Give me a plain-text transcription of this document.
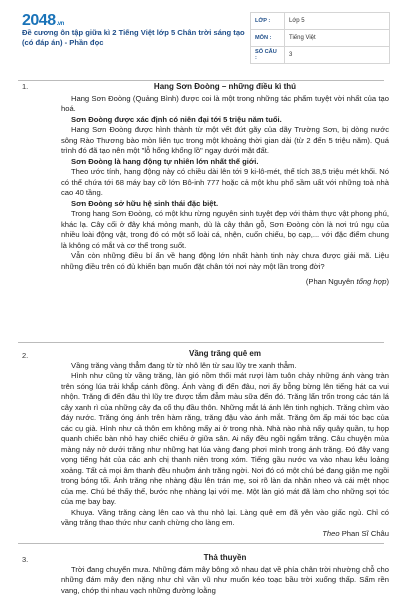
2048.vn
Đề cương ôn tập giữa kì 2 Tiếng Việt lớp 5 Chân trời sáng tạo (có đáp án) - Phần đọc
LỚP :	Lớp 5
MÔN :	Tiếng Việt
SỐ CÂU :	3
1.	Hang Sơn Đoòng – những điều kì thú

Hang Sơn Đoòng (Quảng Bình) được coi là một trong những tác phẩm tuyệt vời nhất của tạo hoá.

Sơn Đoòng được xác định có niên đại tới 5 triệu năm tuổi.

Hang Sơn Đoòng được hình thành từ một vết đứt gãy của dãy Trường Sơn, bị dòng nước sông Rào Thương bào mòn liên tục trong một khoảng thời gian dài (từ 2 đến 5 triệu năm). Quá trình đó đã tạo nên một "lỗ hổng khổng lồ" ngay dưới mặt đất.

Sơn Đoòng là hang động tự nhiên lớn nhất thế giới.

Theo ước tính, hang động này có chiều dài lên tới 9 ki-lô-mét, thể tích 38,5 triệu mét khối. Nó có thể chứa tới 68 máy bay cỡ lớn Bô-inh 777 hoặc cả một khu phố sầm uất với những toà nhà cao 40 tầng.

Sơn Đoòng sở hữu hệ sinh thái đặc biệt.

Trong hang Sơn Đoòng, có một khu rừng nguyên sinh tuyệt đẹp với thảm thực vật phong phú, khác lạ. Cây cối ở đây khá mỏng manh, dù là cây thân gỗ, Sơn Đoòng còn là nơi trú ngụ của nhiều loài động vật, trong đó có một số loài cá, nhện, cuốn chiếu, bọ cạp,... với đặc điểm chung là không có mắt và cơ thể trong suốt.

Vẫn còn những điều bí ẩn về hang động lớn nhất hành tinh này chưa được giải mã. Liệu những điều trên có đủ khiến bạn muốn đặt chân tới nơi này một lần trong đời?

(Phan Nguyên tổng hợp)

2.	Vầng trăng quê em

Vầng trăng vàng thẳm đang từ từ nhô lên từ sau lũy tre xanh thẫm.

Hình như cũng từ vầng trăng, làn gió nồm thổi mát rượi làm tuôn chảy những ánh vàng tràn trên sóng lúa trải khắp cánh đồng. Ánh vàng đi đến đâu, nơi ấy bỗng bừng lên tiếng hát ca vui nhộn. Trăng đi đến đâu thì lũy tre được tắm đẫm màu sữa đến đó. Trăng lẩn trốn trong các tán lá cây xanh rì của những cây đa cổ thụ đầu thôn. Những mắt lá ánh lên tinh nghịch. Trăng chìm vào đáy nước. Trăng óng ánh trên hàm răng, trăng đậu vào ánh mắt. Trăng ôm ấp mái tóc bạc của các cụ già. Hình như cả thôn em không mấy ai ở trong nhà. Nhà nào nhà nấy quây quần, tụ họp quanh chiếc bàn nhỏ hay chiếc chiếu ở giữa sân. Ai nấy đều ngồi ngắm trăng. Câu chuyện mùa màng nảy nở dưới trăng như những hạt lúa vàng đang phơi mình trong ánh trăng. Đó đây vang vọng tiếng hát của các anh chị thanh niên trong xóm. Tiếng gầu nước va vào nhau kêu loảng xoảng. Tất cả mọi âm thanh đều nhuộm ánh trăng ngời. Nơi đó có một chú bé đang giận mẹ ngồi trong bóng tối. Ánh trăng nhẹ nhàng đậu lên trán mẹ, soi rõ làn da nhăn nheo và cái mệt nhọc của mẹ. Chú bé thấy thế, bước nhẹ nhàng lại với mẹ. Một làn gió mát đã làm cho những sợi tóc của mẹ bay bay.

Khuya. Vầng trăng càng lên cao và thu nhỏ lại. Làng quê em đã yên vào giấc ngủ. Chỉ có vầng trăng thao thức như canh chừng cho làng em.

Theo Phan Sĩ Châu

3.	Thả thuyền

Trời đang chuyển mưa. Những đám mây bông xô nhau dạt về phía chân trời nhường chỗ cho những đám mây đen nặng như chì vần vũ như muốn kéo toạc bầu trời xuống thấp. Sấm rền vang, chớp thi nhau vạch những đường loằng
